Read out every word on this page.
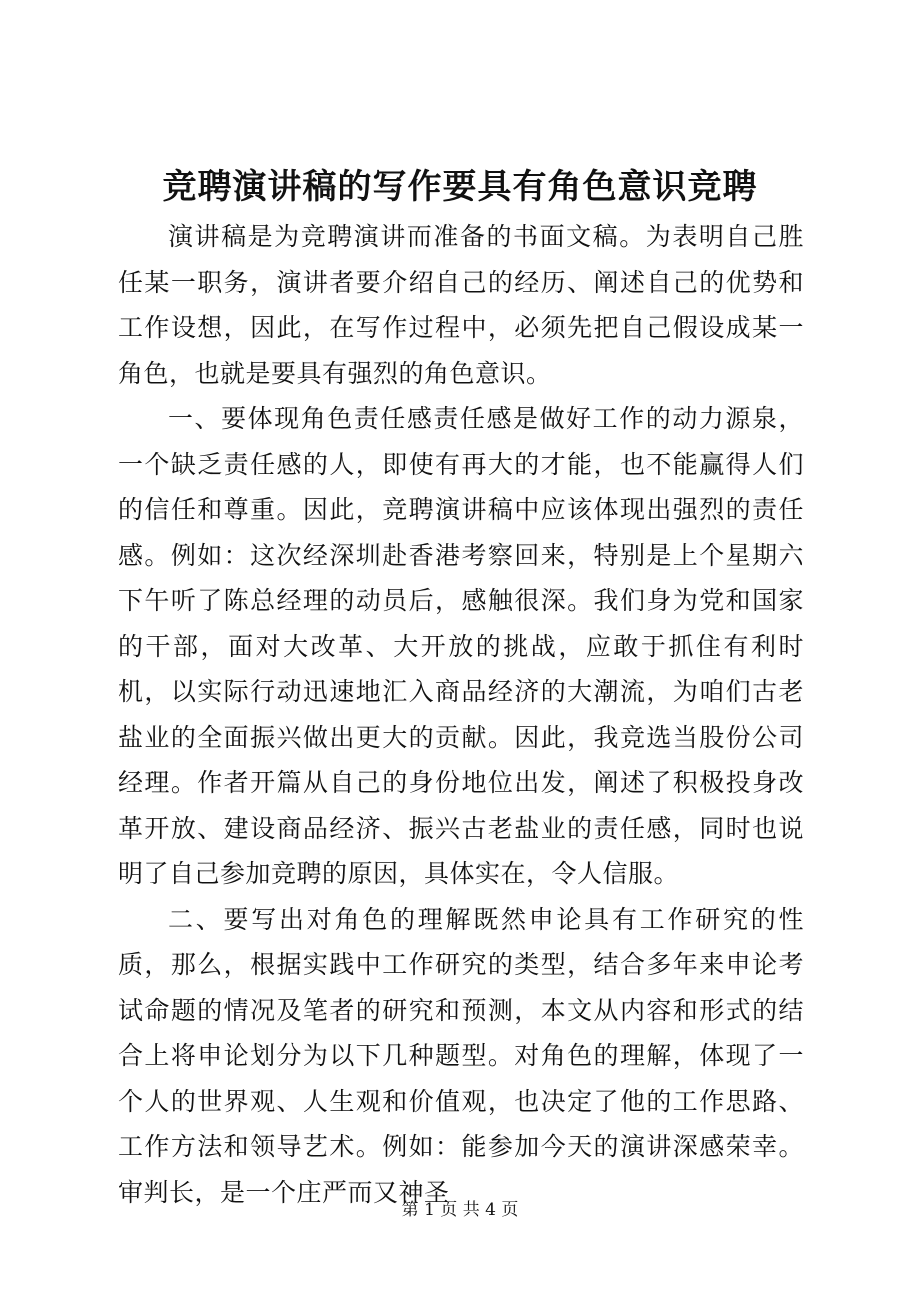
竞聘演讲稿的写作要具有角色意识竞聘

演讲稿是为竞聘演讲而准备的书面文稿。为表明自己胜任某一职务，演讲者要介绍自己的经历、阐述自己的优势和工作设想，因此，在写作过程中，必须先把自己假设成某一角色，也就是要具有强烈的角色意识。

一、要体现角色责任感责任感是做好工作的动力源泉，一个缺乏责任感的人，即使有再大的才能，也不能赢得人们的信任和尊重。因此，竞聘演讲稿中应该体现出强烈的责任感。例如：这次经深圳赴香港考察回来，特别是上个星期六下午听了陈总经理的动员后，感触很深。我们身为党和国家的干部，面对大改革、大开放的挑战，应敢于抓住有利时机，以实际行动迅速地汇入商品经济的大潮流，为咱们古老盐业的全面振兴做出更大的贡献。因此，我竞选当股份公司经理。作者开篇从自己的身份地位出发，阐述了积极投身改革开放、建设商品经济、振兴古老盐业的责任感，同时也说明了自己参加竞聘的原因，具体实在，令人信服。

二、要写出对角色的理解既然申论具有工作研究的性质，那么，根据实践中工作研究的类型，结合多年来申论考试命题的情况及笔者的研究和预测，本文从内容和形式的结合上将申论划分为以下几种题型。对角色的理解，体现了一个人的世界观、人生观和价值观，也决定了他的工作思路、工作方法和领导艺术。例如：能参加今天的演讲深感荣幸。审判长，是一个庄严而又神圣

第 1 页 共 4 页
